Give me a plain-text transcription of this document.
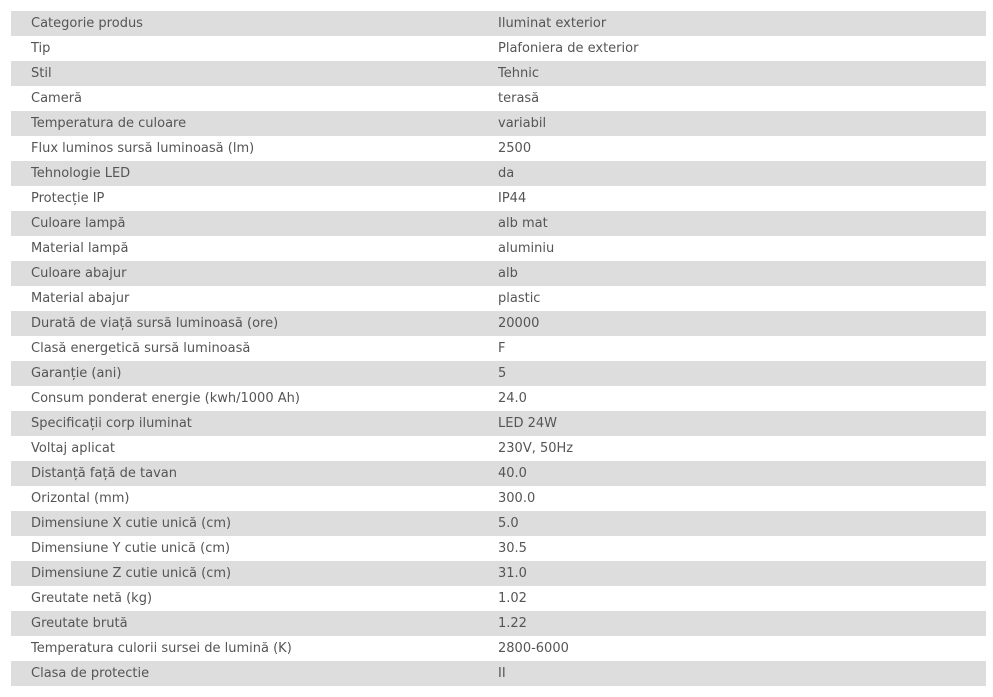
Categorie produs	Iluminat exterior
Tip	Plafoniera de exterior
Stil	Tehnic
Cameră	terasă
Temperatura de culoare	variabil
Flux luminos sursă luminoasă (lm)	2500
Tehnologie LED	da
Protecție IP	IP44
Culoare lampă	alb mat
Material lampă	aluminiu
Culoare abajur	alb
Material abajur	plastic
Durată de viață sursă luminoasă (ore)	20000
Clasă energetică sursă luminoasă	F
Garanție (ani)	5
Consum ponderat energie (kwh/1000 Ah)	24.0
Specificații corp iluminat	LED 24W
Voltaj aplicat	230V, 50Hz
Distanță față de tavan	40.0
Orizontal (mm)	300.0
Dimensiune X cutie unică (cm)	5.0
Dimensiune Y cutie unică (cm)	30.5
Dimensiune Z cutie unică (cm)	31.0
Greutate netă (kg)	1.02
Greutate brută	1.22
Temperatura culorii sursei de lumină (K)	2800-6000
Clasa de protectie	II
